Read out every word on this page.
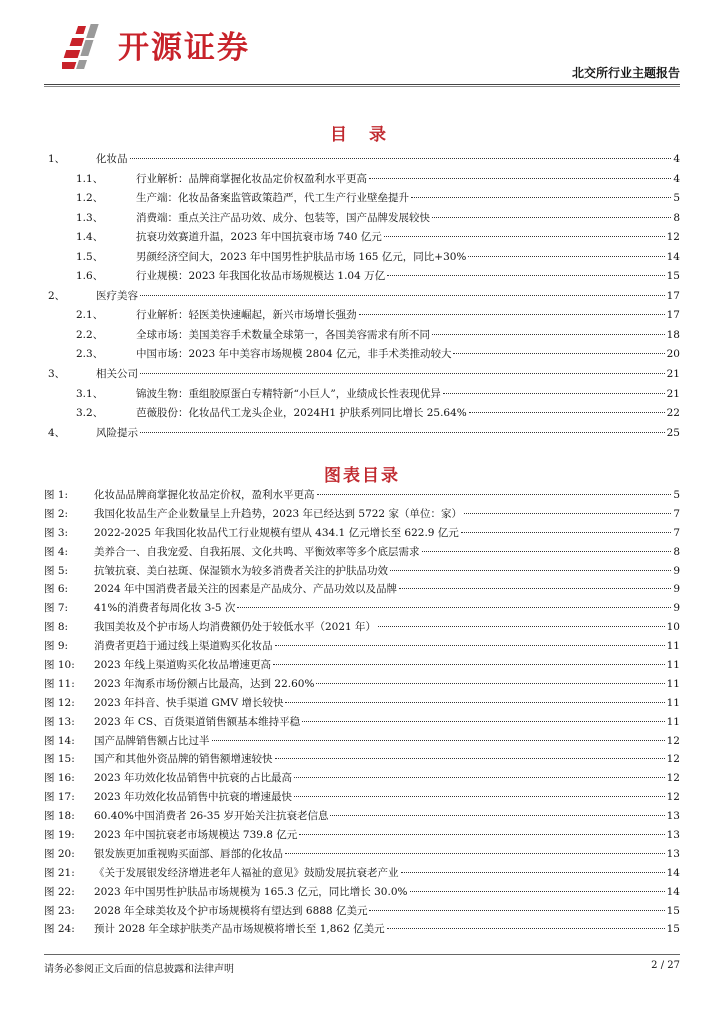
开源证券
北交所行业主题报告
目 录
1、	化妆品	4
1.1、	行业解析：品牌商掌握化妆品定价权盈利水平更高	4
1.2、	生产端：化妆品备案监管政策趋严，代工生产行业壁垒提升	5
1.3、	消费端：重点关注产品功效、成分、包装等，国产品牌发展较快	8
1.4、	抗衰功效赛道升温，2023 年中国抗衰市场 740 亿元	12
1.5、	男颜经济空间大，2023 年中国男性护肤品市场 165 亿元，同比+30%	14
1.6、	行业规模：2023 年我国化妆品市场规模达 1.04 万亿	15
2、	医疗美容	17
2.1、	行业解析：轻医美快速崛起，新兴市场增长强劲	17
2.2、	全球市场：美国美容手术数量全球第一，各国美容需求有所不同	18
2.3、	中国市场：2023 年中美容市场规模 2804 亿元，非手术类推动较大	20
3、	相关公司	21
3.1、	锦波生物：重组胶原蛋白专精特新“小巨人”，业绩成长性表现优异	21
3.2、	芭薇股份：化妆品代工龙头企业，2024H1 护肤系列同比增长 25.64%	22
4、	风险提示	25
图表目录
图 1:	化妆品品牌商掌握化妆品定价权，盈利水平更高	5
图 2:	我国化妆品生产企业数量呈上升趋势，2023 年已经达到 5722 家（单位：家）	7
图 3:	2022-2025 年我国化妆品代工行业规模有望从 434.1 亿元增长至 622.9 亿元	7
图 4:	美养合一、自我宠爱、自我拓展、文化共鸣、平衡效率等多个底层需求	8
图 5:	抗皱抗衰、美白祛斑、保湿锁水为较多消费者关注的护肤品功效	9
图 6:	2024 年中国消费者最关注的因素是产品成分、产品功效以及品牌	9
图 7:	41%的消费者每周化妆 3-5 次	9
图 8:	我国美妆及个护市场人均消费额仍处于较低水平（2021 年）	10
图 9:	消费者更趋于通过线上渠道购买化妆品	11
图 10:	2023 年线上渠道购买化妆品增速更高	11
图 11:	2023 年淘系市场份额占比最高，达到 22.60%	11
图 12:	2023 年抖音、快手渠道 GMV 增长较快	11
图 13:	2023 年 CS、百货渠道销售额基本维持平稳	11
图 14:	国产品牌销售额占比过半	12
图 15:	国产和其他外资品牌的销售额增速较快	12
图 16:	2023 年功效化妆品销售中抗衰的占比最高	12
图 17:	2023 年功效化妆品销售中抗衰的增速最快	12
图 18:	60.40%中国消费者 26-35 岁开始关注抗衰老信息	13
图 19:	2023 年中国抗衰老市场规模达 739.8 亿元	13
图 20:	银发族更加重视购买面部、唇部的化妆品	13
图 21:	《关于发展银发经济增进老年人福祉的意见》鼓励发展抗衰老产业	14
图 22:	2023 年中国男性护肤品市场规模为 165.3 亿元，同比增长 30.0%	14
图 23:	2028 年全球美妆及个护市场规模将有望达到 6888 亿美元	15
图 24:	预计 2028 年全球护肤类产品市场规模将增长至 1,862 亿美元	15
请务必参阅正文后面的信息披露和法律声明	2 / 27
